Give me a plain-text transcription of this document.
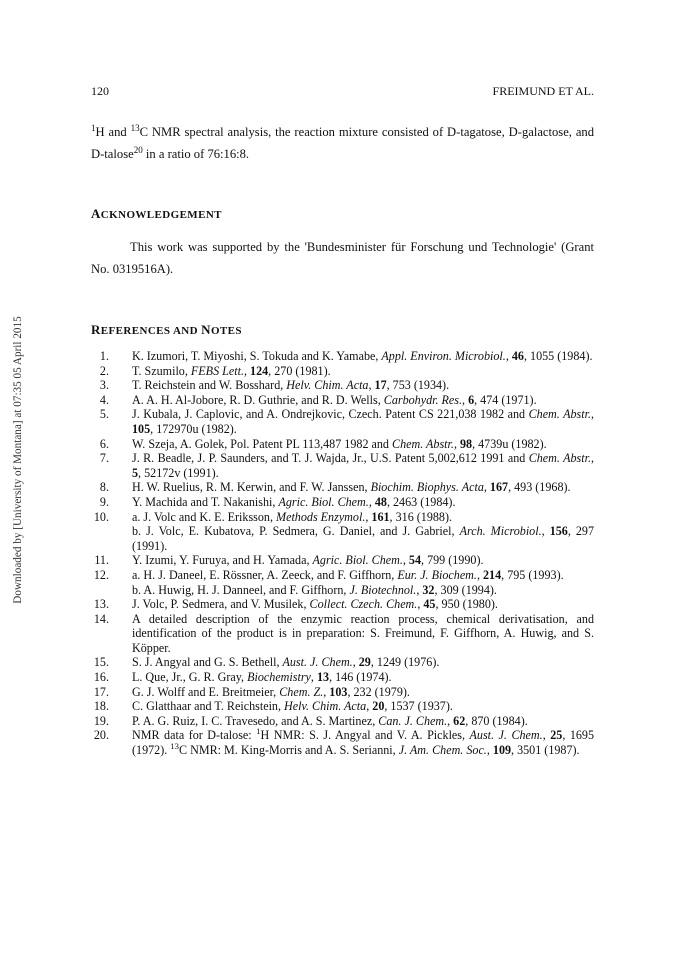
Downloaded by [University of Montana] at 07:35 05 April 2015
120	FREIMUND ET AL.

$^1$H and $^{13}$C NMR spectral analysis, the reaction mixture consisted of D-tagatose, D-galactose, and D-talose$^{20}$ in a ratio of 76:16:8.

ACKNOWLEDGEMENT

This work was supported by the 'Bundesminister für Forschung und Technologie' (Grant No. 0319516A).

REFERENCES AND NOTES
1. K. Izumori, T. Miyoshi, S. Tokuda and K. Yamabe, Appl. Environ. Microbiol., 46, 1055 (1984).
2. T. Szumilo, FEBS Lett., 124, 270 (1981).
3. T. Reichstein and W. Bosshard, Helv. Chim. Acta, 17, 753 (1934).
4. A. A. H. Al-Jobore, R. D. Guthrie, and R. D. Wells, Carbohydr. Res., 6, 474 (1971).
5. J. Kubala, J. Caplovic, and A. Ondrejkovic, Czech. Patent CS 221,038 1982 and Chem. Abstr., 105, 172970u (1982).
6. W. Szeja, A. Golek, Pol. Patent PL 113,487 1982 and Chem. Abstr., 98, 4739u (1982).
7. J. R. Beadle, J. P. Saunders, and T. J. Wajda, Jr., U.S. Patent 5,002,612 1991 and Chem. Abstr., 5, 52172v (1991).
8. H. W. Ruelius, R. M. Kerwin, and F. W. Janssen, Biochim. Biophys. Acta, 167, 493 (1968).
9. Y. Machida and T. Nakanishi, Agric. Biol. Chem., 48, 2463 (1984).
10. a. J. Volc and K. E. Eriksson, Methods Enzymol., 161, 316 (1988).
b. J. Volc, E. Kubatova, P. Sedmera, G. Daniel, and J. Gabriel, Arch. Microbiol., 156, 297 (1991).
11. Y. Izumi, Y. Furuya, and H. Yamada, Agric. Biol. Chem., 54, 799 (1990).
12. a. H. J. Daneel, E. Rössner, A. Zeeck, and F. Giffhorn, Eur. J. Biochem., 214, 795 (1993).
b. A. Huwig, H. J. Danneel, and F. Giffhorn, J. Biotechnol., 32, 309 (1994).
13. J. Volc, P. Sedmera, and V. Musilek, Collect. Czech. Chem., 45, 950 (1980).
14. A detailed description of the enzymic reaction process, chemical derivatisation, and identification of the product is in preparation: S. Freimund, F. Giffhorn, A. Huwig, and S. Köpper.
15. S. J. Angyal and G. S. Bethell, Aust. J. Chem., 29, 1249 (1976).
16. L. Que, Jr., G. R. Gray, Biochemistry, 13, 146 (1974).
17. G. J. Wolff and E. Breitmeier, Chem. Z., 103, 232 (1979).
18. C. Glatthaar and T. Reichstein, Helv. Chim. Acta, 20, 1537 (1937).
19. P. A. G. Ruiz, I. C. Travesedo, and A. S. Martinez, Can. J. Chem., 62, 870 (1984).
20. NMR data for D-talose: $^1$H NMR: S. J. Angyal and V. A. Pickles, Aust. J. Chem., 25, 1695 (1972). $^{13}$C NMR: M. King-Morris and A. S. Serianni, J. Am. Chem. Soc., 109, 3501 (1987).
